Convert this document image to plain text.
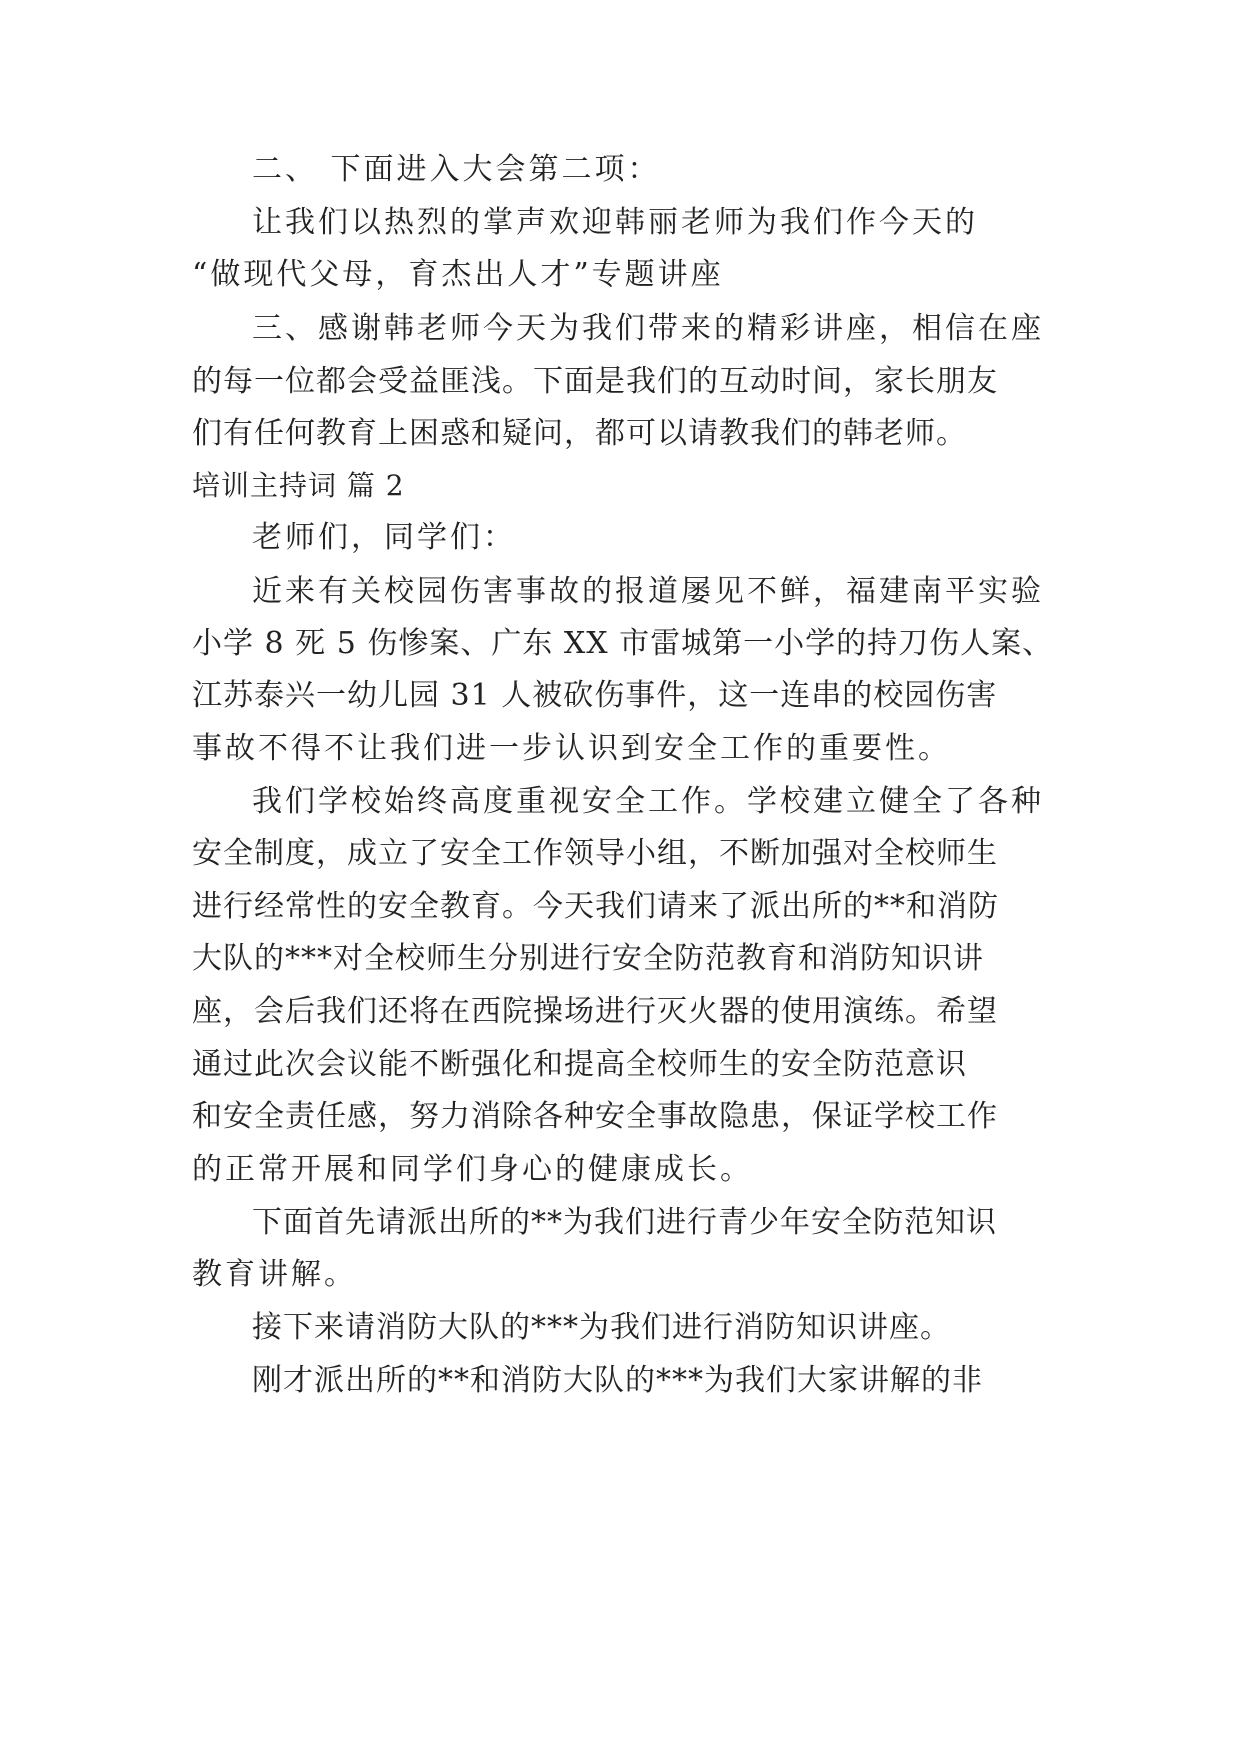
二、 下面进入大会第二项：
让我们以热烈的掌声欢迎韩丽老师为我们作今天的
“做现代父母，育杰出人才”专题讲座
三、感谢韩老师今天为我们带来的精彩讲座，相信在座
的每一位都会受益匪浅。下面是我们的互动时间，家长朋友
们有任何教育上困惑和疑问，都可以请教我们的韩老师。
培训主持词 篇 2
老师们，同学们：
近来有关校园伤害事故的报道屡见不鲜，福建南平实验
小学 8 死 5 伤惨案、广东 XX 市雷城第一小学的持刀伤人案、
江苏泰兴一幼儿园 31 人被砍伤事件，这一连串的校园伤害
事故不得不让我们进一步认识到安全工作的重要性。
我们学校始终高度重视安全工作。学校建立健全了各种
安全制度，成立了安全工作领导小组，不断加强对全校师生
进行经常性的安全教育。今天我们请来了派出所的**和消防
大队的***对全校师生分别进行安全防范教育和消防知识讲
座，会后我们还将在西院操场进行灭火器的使用演练。希望
通过此次会议能不断强化和提高全校师生的安全防范意识
和安全责任感，努力消除各种安全事故隐患，保证学校工作
的正常开展和同学们身心的健康成长。
下面首先请派出所的**为我们进行青少年安全防范知识
教育讲解。
接下来请消防大队的***为我们进行消防知识讲座。
刚才派出所的**和消防大队的***为我们大家讲解的非
